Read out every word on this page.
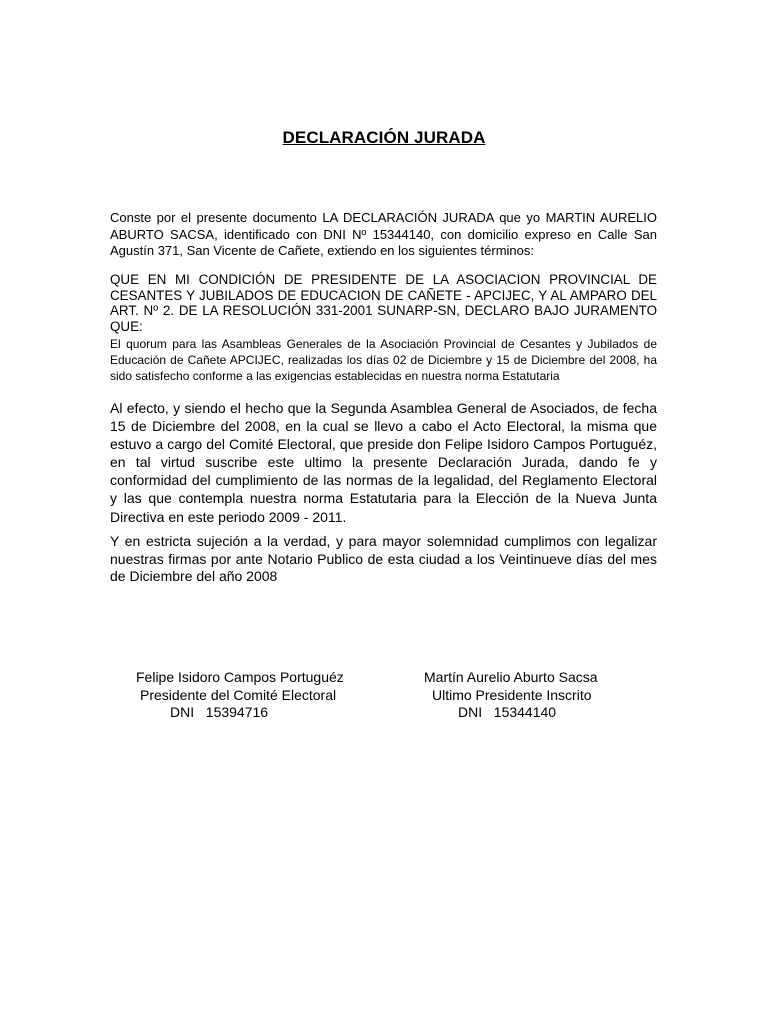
DECLARACIÓN JURADA

Conste por el presente documento LA DECLARACIÓN JURADA que yo MARTIN AURELIO ABURTO SACSA, identificado con DNI Nº 15344140, con domicilio expreso en Calle San Agustín 371, San Vicente de Cañete, extiendo en los siguientes términos:

QUE EN MI CONDICIÓN DE PRESIDENTE DE LA ASOCIACION PROVINCIAL DE CESANTES Y JUBILADOS DE EDUCACION DE CAÑETE - APCIJEC, Y AL AMPARO DEL ART. Nº 2. DE LA RESOLUCIÓN 331-2001 SUNARP-SN, DECLARO BAJO JURAMENTO QUE:

El quorum para las Asambleas Generales de la Asociación Provincial de Cesantes y Jubilados de Educación de Cañete APCIJEC, realizadas los días 02 de Diciembre y 15 de Diciembre del 2008, ha sido satisfecho conforme a las exigencias establecidas en nuestra norma Estatutaria

Al efecto, y siendo el hecho que la Segunda Asamblea General de Asociados, de fecha 15 de Diciembre del 2008, en la cual se llevo a cabo el Acto Electoral, la misma que estuvo a cargo del Comité Electoral, que preside don Felipe Isidoro Campos Portuguéz, en tal virtud suscribe este ultimo la presente Declaración Jurada, dando fe y conformidad del cumplimiento de las normas de la legalidad, del Reglamento Electoral y las que contempla nuestra norma Estatutaria para la Elección de la Nueva Junta Directiva en este periodo 2009 - 2011.

Y en estricta sujeción a la verdad, y para mayor solemnidad cumplimos con legalizar nuestras firmas por ante Notario Publico de esta ciudad a los Veintinueve días del mes de Diciembre del año 2008

Felipe Isidoro Campos Portuguéz
Presidente del Comité Electoral
DNI   15394716
Martín Aurelio Aburto Sacsa
Ultimo Presidente Inscrito
DNI   15344140
